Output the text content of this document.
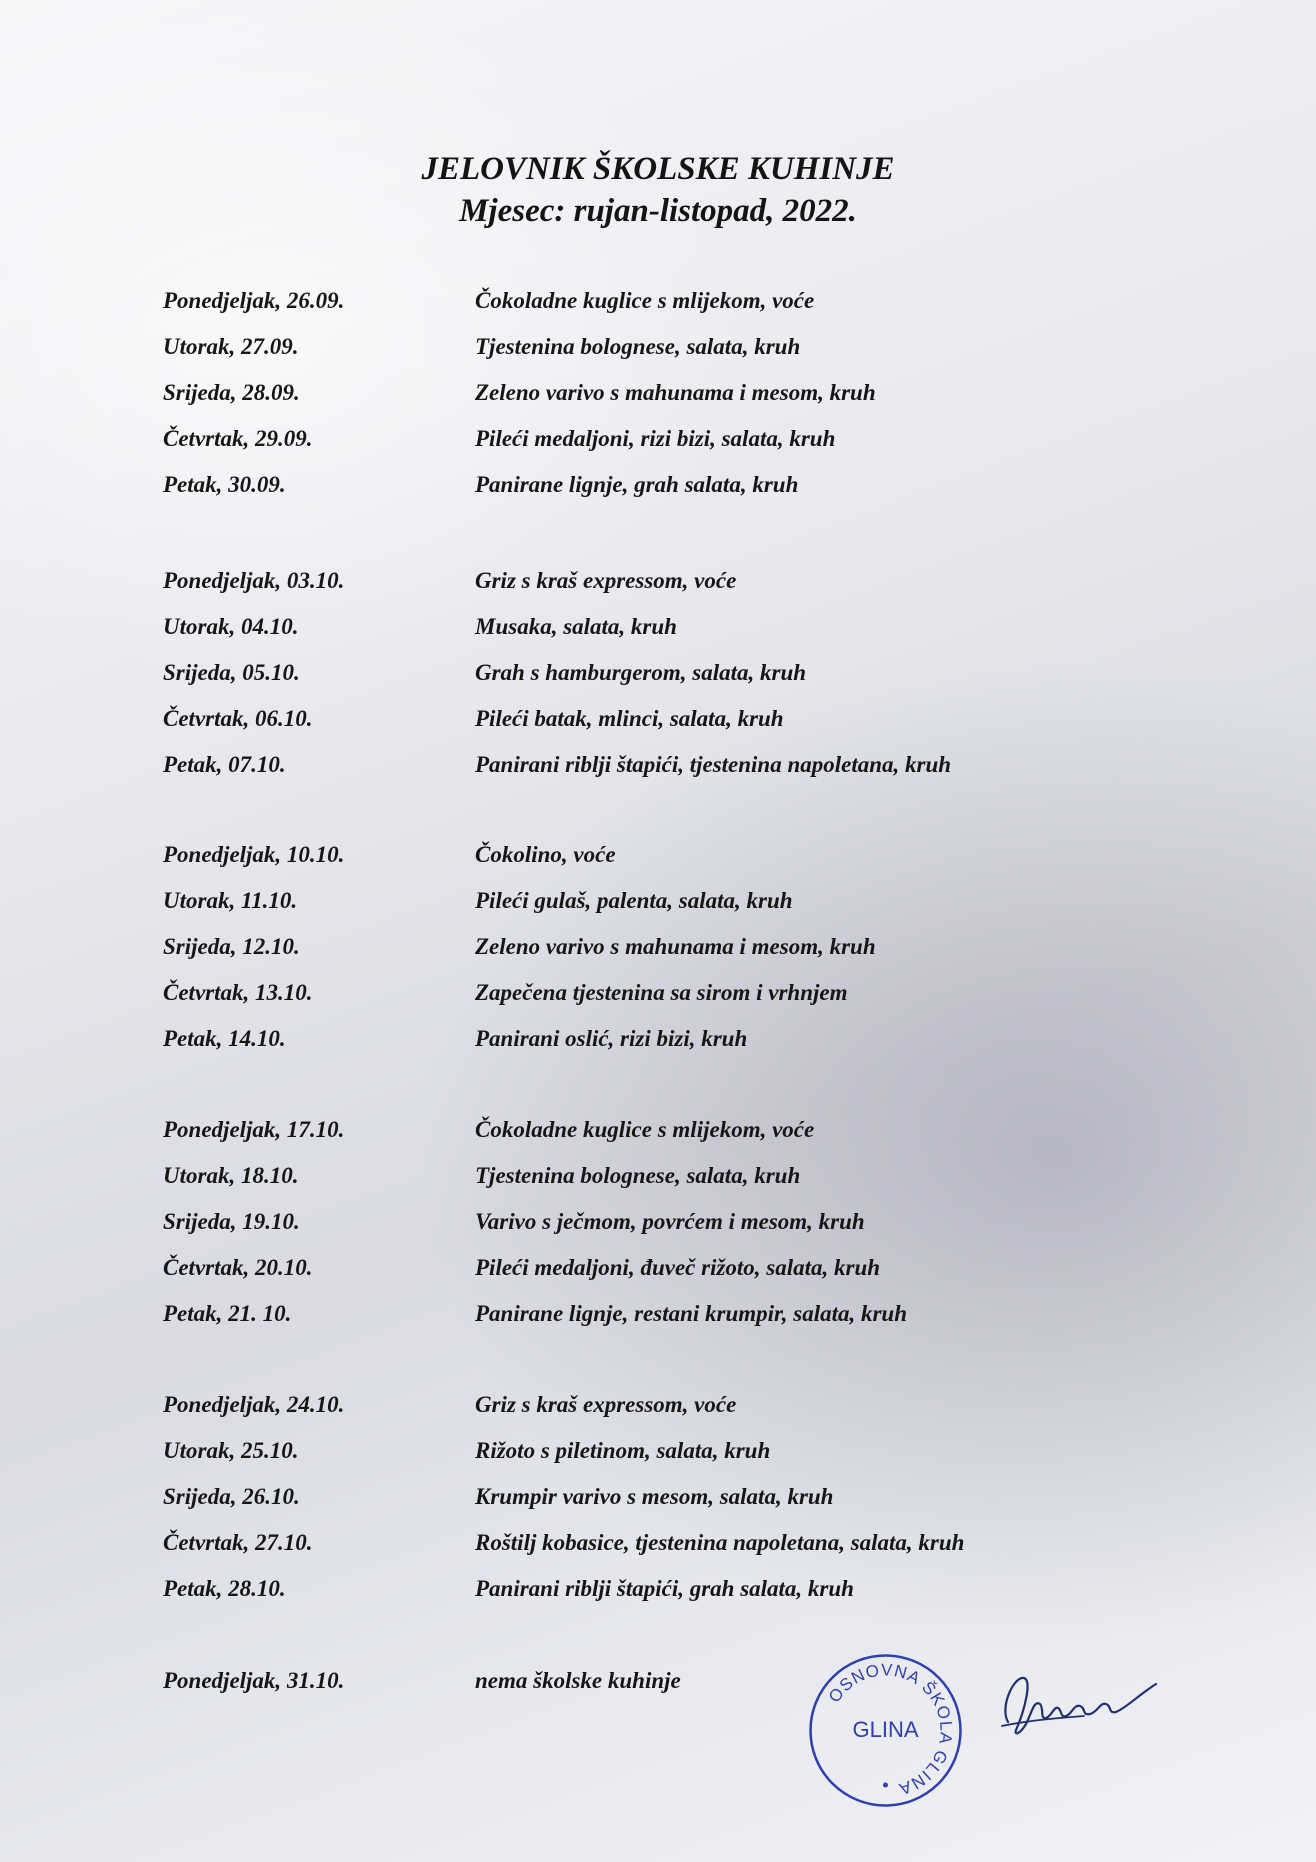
JELOVNIK ŠKOLSKE KUHINJE
Mjesec: rujan-listopad, 2022.
Ponedjeljak, 26.09.	Čokoladne kuglice s mlijekom, voće
Utorak, 27.09.	Tjestenina bolognese, salata, kruh
Srijeda, 28.09.	Zeleno varivo s mahunama i mesom, kruh
Četvrtak, 29.09.	Pileći medaljoni, rizi bizi, salata, kruh
Petak, 30.09.	Panirane lignje, grah salata, kruh
Ponedjeljak, 03.10.	Griz s kraš expressom, voće
Utorak, 04.10.	Musaka, salata, kruh
Srijeda, 05.10.	Grah s hamburgerom, salata, kruh
Četvrtak, 06.10.	Pileći batak, mlinci, salata, kruh
Petak, 07.10.	Panirani riblji štapići, tjestenina napoletana, kruh
Ponedjeljak, 10.10.	Čokolino, voće
Utorak, 11.10.	Pileći gulaš, palenta, salata, kruh
Srijeda, 12.10.	Zeleno varivo s mahunama i mesom, kruh
Četvrtak, 13.10.	Zapečena tjestenina sa sirom i vrhnjem
Petak, 14.10.	Panirani oslić, rizi bizi, kruh
Ponedjeljak, 17.10.	Čokoladne kuglice s mlijekom, voće
Utorak, 18.10.	Tjestenina bolognese, salata, kruh
Srijeda, 19.10.	Varivo s ječmom, povrćem i mesom, kruh
Četvrtak, 20.10.	Pileći medaljoni, đuveč rižoto, salata, kruh
Petak, 21. 10.	Panirane lignje, restani krumpir, salata, kruh
Ponedjeljak, 24.10.	Griz s kraš expressom, voće
Utorak, 25.10.	Rižoto s piletinom, salata, kruh
Srijeda, 26.10.	Krumpir varivo s mesom, salata, kruh
Četvrtak, 27.10.	Roštilj kobasice, tjestenina napoletana, salata, kruh
Petak, 28.10.	Panirani riblji štapići, grah salata, kruh
Ponedjeljak, 31.10.	nema školske kuhinje
OSNOVNA ŠKOLA GLINA
GLINA
